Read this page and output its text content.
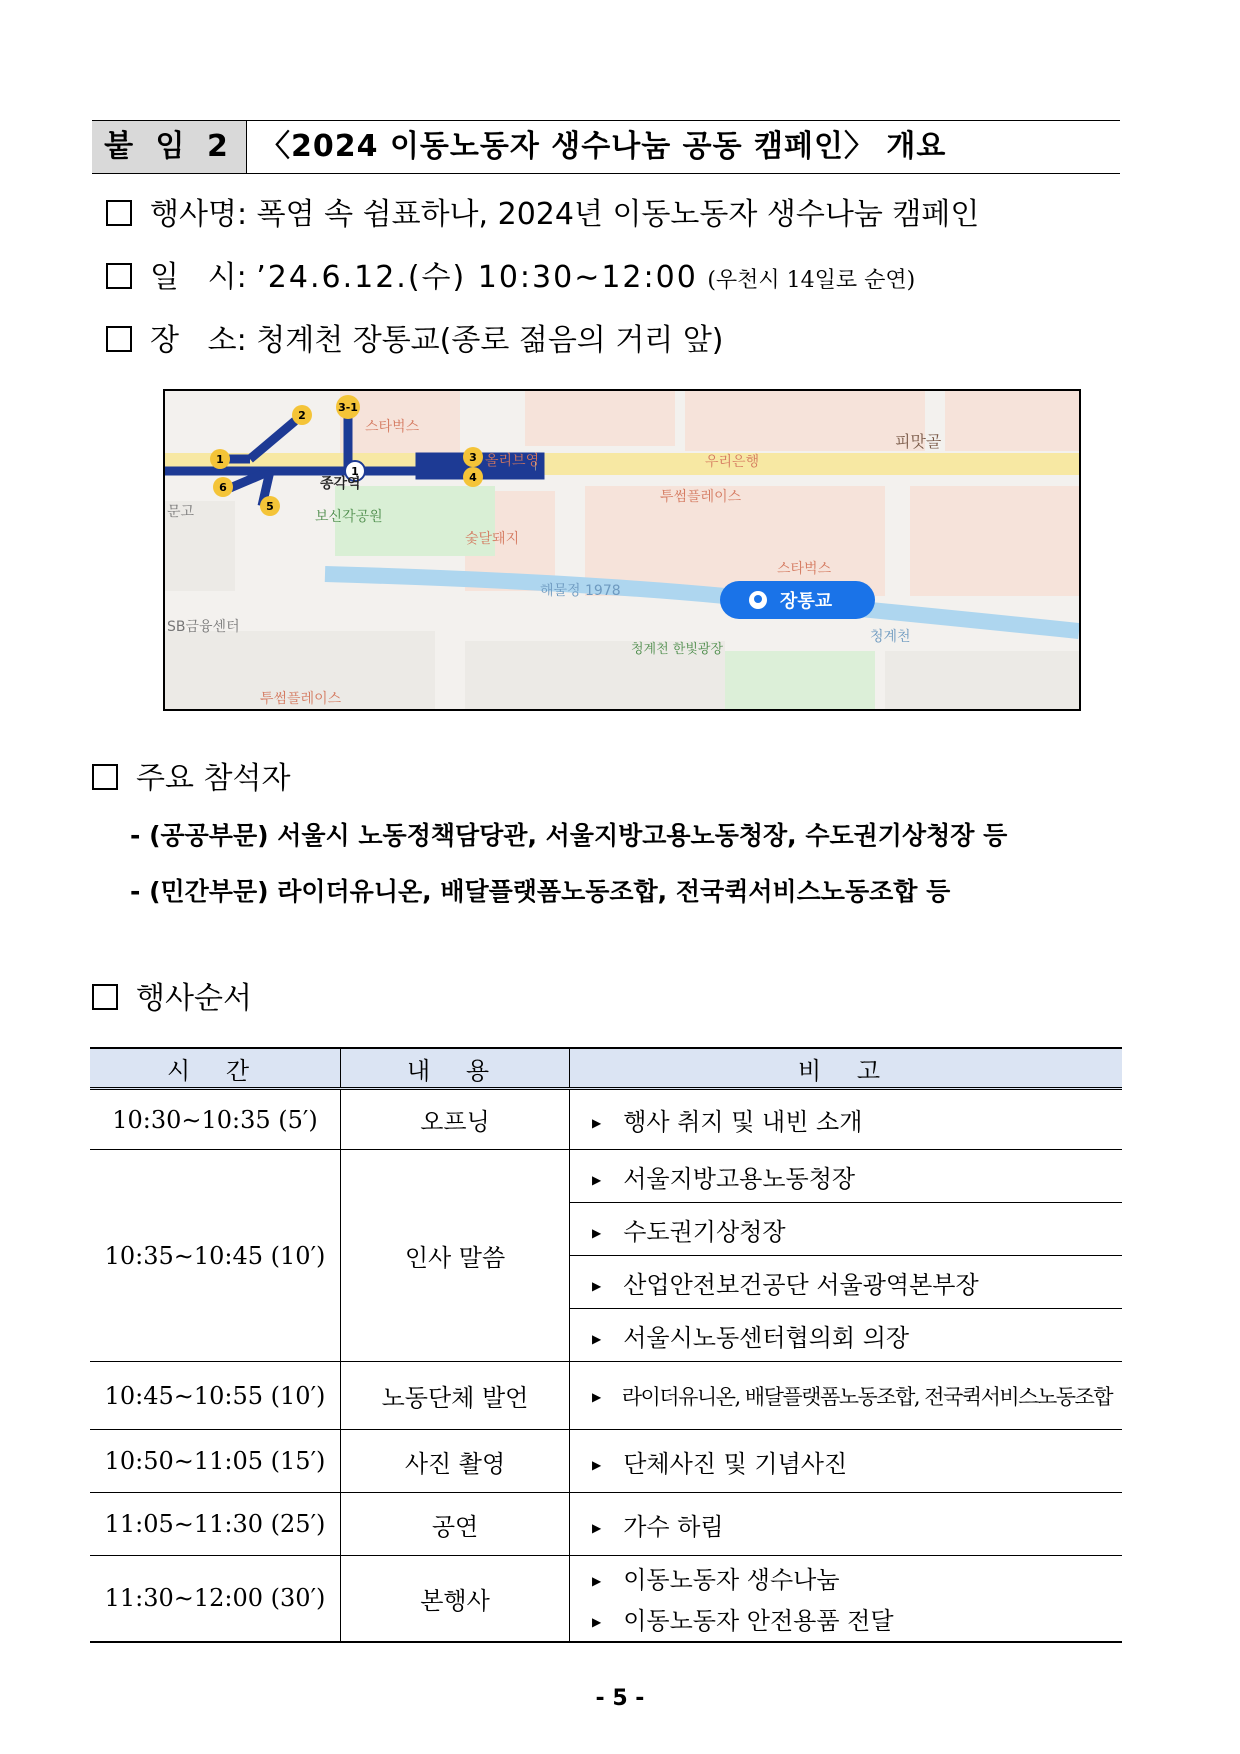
붙 임 2 〈2024 이동노동자 생수나눔 공동 캠페인〉 개요
행사명: 폭염 속 쉼표하나, 2024년 이동노동자 생수나눔 캠페인
일   시: ’24.6.12.(수) 10:30∼12:00 (우천시 14일로 순연)
장   소: 청계천 장통교(종로 젊음의 거리 앞)
3-1
2
1
1
3
4
6
5
스타벅스
올리브영	우리은행
피맛골
종각역
투썸플레이스
보신각공원
숯달돼지
스타벅스
해물정 1978
청계천
청계천 한빛광장
SB금융센터
투썸플레이스
문고
장통교
주요 참석자
- (공공부문) 서울시 노동정책담당관, 서울지방고용노동청장, 수도권기상청장 등
- (민간부문) 라이더유니온, 배달플랫폼노동조합, 전국퀵서비스노동조합 등
행사순서
시 간	내 용	비 고
10:30∼10:35 (5′)	오프닝	▶ 행사 취지 및 내빈 소개
10:35∼10:45 (10′)	인사 말씀	▶ 서울지방고용노동청장
		▶ 수도권기상청장
		▶ 산업안전보건공단 서울광역본부장
		▶ 서울시노동센터협의회 의장
10:45∼10:55 (10′)	노동단체 발언	▶ 라이더유니온, 배달플랫폼노동조합, 전국퀵서비스노동조합
10:50∼11:05 (15′)	사진 촬영	▶ 단체사진 및 기념사진
11:05∼11:30 (25′)	공연	▶ 가수 하림
11:30∼12:00 (30′)	본행사	▶ 이동노동자 생수나눔
▶ 이동노동자 안전용품 전달
- 5 -
